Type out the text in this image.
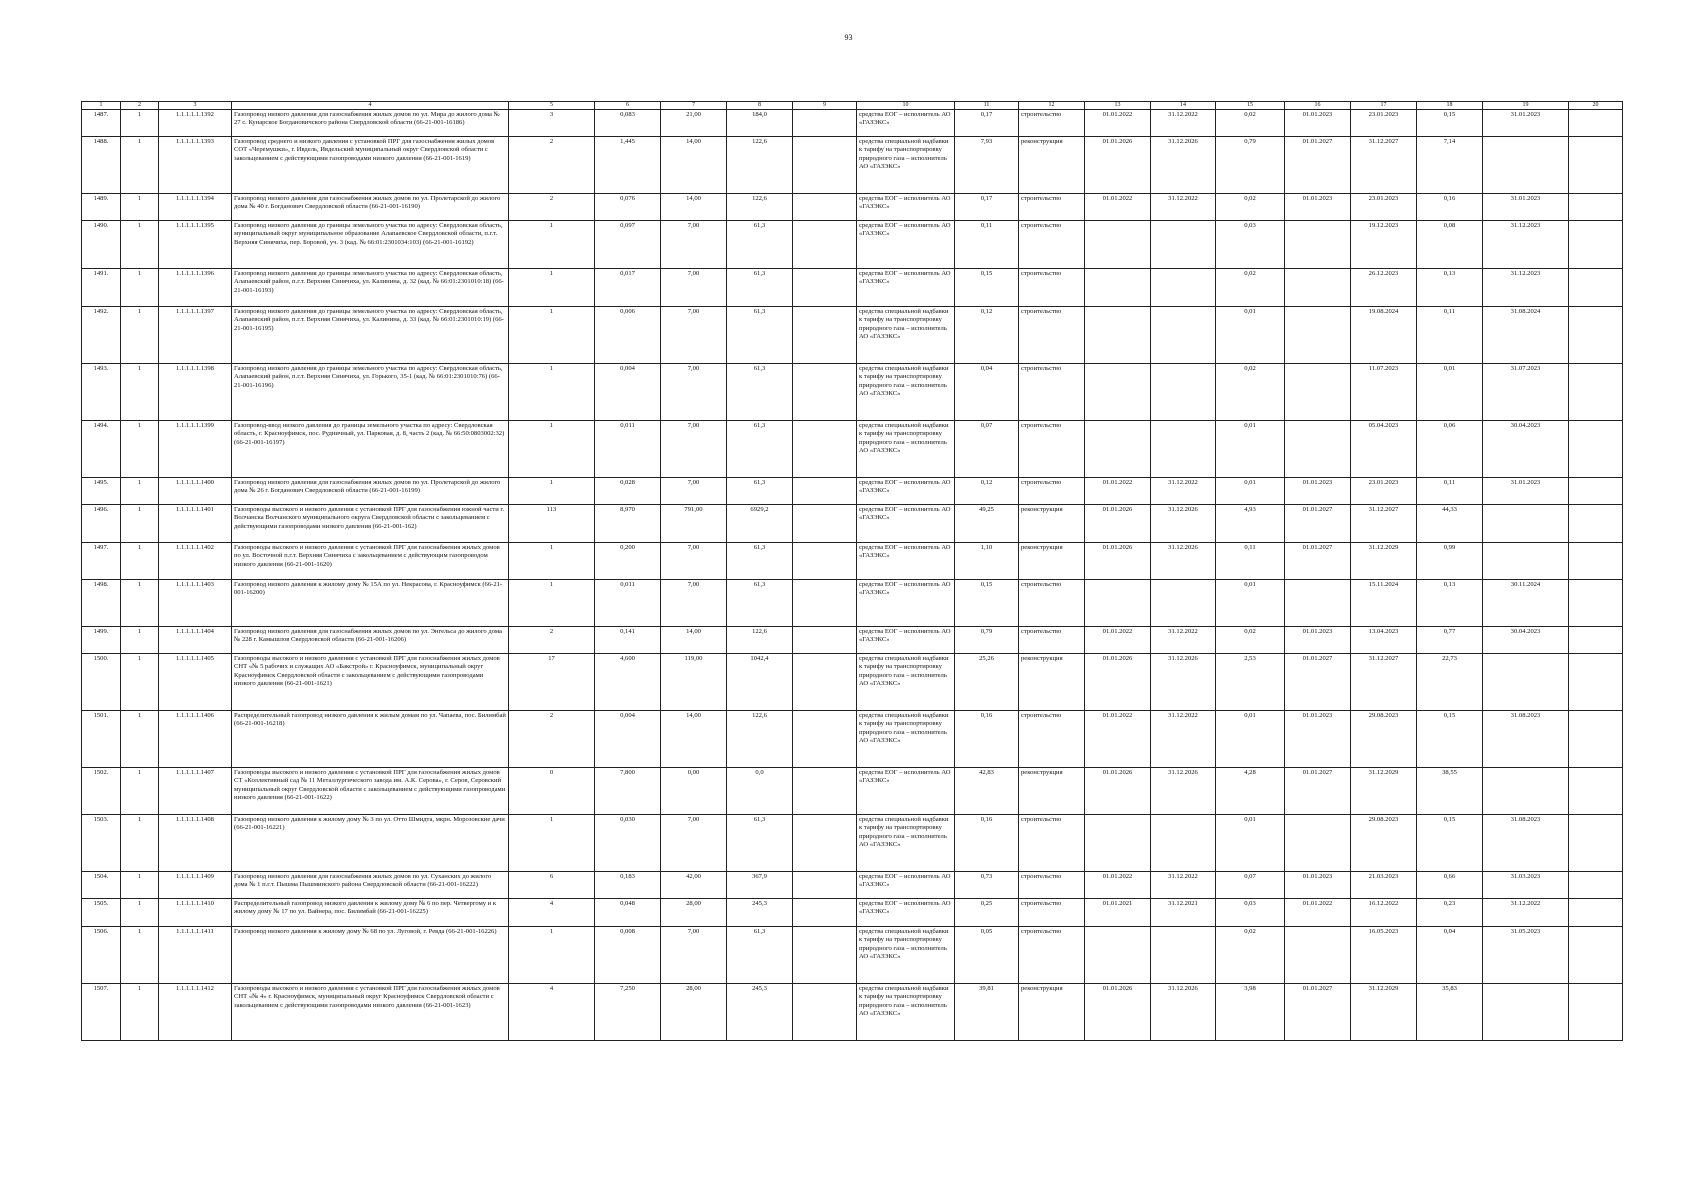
93
1	2	3	4	5	6	7	8	9	10	11	12	13	14	15	16	17	18	19	20
1487.	1	1.1.1.1.1.1392	Газопровод низкого давления для газоснабжения жилых домов по ул. Мира до жилого дома № 27 с. Кунарское Богдановичского района Свердловской области (66-21-001-16186)	3	0,083	21,00	184,0		средства ЕОГ – исполнитель АО «ГАЗЭКС»	0,17	строительство	01.01.2022	31.12.2022	0,02	01.01.2023	23.01.2023	0,15	31.01.2023	
1488.	1	1.1.1.1.1.1393	Газопровод среднего и низкого давления с установкой ПРГ для газоснабжения жилых домов СОТ «Черемушки», г. Ивдель, Ивдельский муниципальный округ Свердловской области с закольцеванием с действующими газопроводами низкого давления (66-21-001-1619)	2	1,445	14,00	122,6		средства специальной надбавки к тарифу на транспортировку природного газа – исполнитель АО «ГАЗЭКС»	7,93	реконструкция	01.01.2026	31.12.2026	0,79	01.01.2027	31.12.2027	7,14		
1489.	1	1.1.1.1.1.1394	Газопровод низкого давления для газоснабжения жилых домов по ул. Пролетарской до жилого дома № 40 г. Богданович Свердловской области (66-21-001-16190)	2	0,076	14,00	122,6		средства ЕОГ – исполнитель АО «ГАЗЭКС»	0,17	строительство	01.01.2022	31.12.2022	0,02	01.01.2023	23.01.2023	0,16	31.01.2023	
1490.	1	1.1.1.1.1.1395	Газопровод низкого давления до границы земельного участка по адресу: Свердловская область, муниципальный округ муниципальное образование Алапаевское Свердловской области, п.г.т. Верхняя Синячиха, пер. Боровой, уч. 3 (кад. № 66:01:2301034:103) (66-21-001-16192)	1	0,097	7,00	61,3		средства ЕОГ – исполнитель АО «ГАЗЭКС»	0,11	строительство			0,03		19.12.2023	0,08	31.12.2023	
1491.	1	1.1.1.1.1.1396	Газопровод низкого давления до границы земельного участка по адресу: Свердловская область, Алапаевский район, п.г.т. Верхняя Синячиха, ул. Калинина, д. 32 (кад. № 66:01:2301010:18) (66-21-001-16193)	1	0,017	7,00	61,3		средства ЕОГ – исполнитель АО «ГАЗЭКС»	0,15	строительство			0,02		26.12.2023	0,13	31.12.2023	
1492.	1	1.1.1.1.1.1397	Газопровод низкого давления до границы земельного участка по адресу: Свердловская область, Алапаевский район, п.г.т. Верхняя Синячиха, ул. Калинина, д. 33 (кад. № 66:01:2301010:19) (66-21-001-16195)	1	0,006	7,00	61,3		средства специальной надбавки к тарифу на транспортировку природного газа – исполнитель АО «ГАЗЭКС»	0,12	строительство			0,01		19.08.2024	0,11	31.08.2024	
1493.	1	1.1.1.1.1.1398	Газопровод низкого давления до границы земельного участка по адресу: Свердловская область, Алапаевский район, п.г.т. Верхняя Синячиха, ул. Горького, 35-1 (кад. № 66:01:2301010:76) (66-21-001-16196)	1	0,004	7,00	61,3		средства специальной надбавки к тарифу на транспортировку природного газа – исполнитель АО «ГАЗЭКС»	0,04	строительство			0,02		11.07.2023	0,01	31.07.2023	
1494.	1	1.1.1.1.1.1399	Газопровод-ввод низкого давления до границы земельного участка по адресу: Свердловская область, г. Красноуфимск, пос. Рудничный, ул. Парковая, д. 8, часть 2 (кад. № 66:50:0803002:32) (66-21-001-16197)	1	0,011	7,00	61,3		средства специальной надбавки к тарифу на транспортировку природного газа – исполнитель АО «ГАЗЭКС»	0,07	строительство			0,01		05.04.2023	0,06	30.04.2023	
1495.	1	1.1.1.1.1.1400	Газопровод низкого давления для газоснабжения жилых домов по ул. Пролетарской до жилого дома № 26 г. Богданович Свердловской области (66-21-001-16199)	1	0,028	7,00	61,3		средства ЕОГ – исполнитель АО «ГАЗЭКС»	0,12	строительство	01.01.2022	31.12.2022	0,01	01.01.2023	23.01.2023	0,11	31.01.2023	
1496.	1	1.1.1.1.1.1401	Газопроводы высокого и низкого давления с установкой ПРГ для газоснабжения южной части г. Волчанска Волчанского муниципального округа Свердловской области с закольцеванием с действующими газопроводами низкого давления (66-21-001-162)	113	8,970	791,00	6929,2		средства ЕОГ – исполнитель АО «ГАЗЭКС»	49,25	реконструкция	01.01.2026	31.12.2026	4,93	01.01.2027	31.12.2027	44,33		
1497.	1	1.1.1.1.1.1402	Газопроводы высокого и низкого давления с установкой ПРГ для газоснабжения жилых домов по ул. Восточной п.г.т. Верхняя Синячиха с закольцеванием с действующим газопроводом низкого давления (66-21-001-1620)	1	0,200	7,00	61,3		средства ЕОГ – исполнитель АО «ГАЗЭКС»	1,10	реконструкция	01.01.2026	31.12.2026	0,11	01.01.2027	31.12.2029	0,99		
1498.	1	1.1.1.1.1.1403	Газопровод низкого давления к жилому дому № 15А по ул. Некрасова, г. Красноуфимск (66-21-001-16200)	1	0,011	7,00	61,3		средства ЕОГ – исполнитель АО «ГАЗЭКС»	0,15	строительство			0,01		15.11.2024	0,13	30.11.2024	
1499.	1	1.1.1.1.1.1404	Газопровод низкого давления для газоснабжения жилых домов по ул. Энгельса до жилого дома № 228 г. Камышлов Свердловской области (66-21-001-16206)	2	0,141	14,00	122,6		средства ЕОГ – исполнитель АО «ГАЗЭКС»	0,79	строительство	01.01.2022	31.12.2022	0,02	01.01.2023	13.04.2023	0,77	30.04.2023	
1500.	1	1.1.1.1.1.1405	Газопроводы высокого и низкого давления с установкой ПРГ для газоснабжения жилых домов СНТ «№ 5 рабочих и служащих АО «Бакстрой» г. Красноуфимск, муниципальный округ Красноуфимск Свердловской области с закольцеванием с действующими газопроводами низкого давления (66-21-001-1621)	17	4,600	119,00	1042,4		средства специальной надбавки к тарифу на транспортировку природного газа – исполнитель АО «ГАЗЭКС»	25,26	реконструкция	01.01.2026	31.12.2026	2,53	01.01.2027	31.12.2027	22,73		
1501.	1	1.1.1.1.1.1406	Распределительный газопровод низкого давления к жилым домам по ул. Чапаева, пос. Билимбай (66-21-001-16218)	2	0,004	14,00	122,6		средства специальной надбавки к тарифу на транспортировку природного газа – исполнитель АО «ГАЗЭКС»	0,16	строительство	01.01.2022	31.12.2022	0,01	01.01.2023	29.08.2023	0,15	31.08.2023	
1502.	1	1.1.1.1.1.1407	Газопроводы высокого и низкого давления с установкой ПРГ для газоснабжения жилых домов СТ «Коллективный сад № 11 Металлургического завода им. А.К. Серова», г. Серов, Серовский муниципальный округ Свердловской области с закольцеванием с действующими газопроводами низкого давления (66-21-001-1622)	0	7,800	0,00	0,0		средства ЕОГ – исполнитель АО «ГАЗЭКС»	42,83	реконструкция	01.01.2026	31.12.2026	4,28	01.01.2027	31.12.2029	38,55		
1503.	1	1.1.1.1.1.1408	Газопровод низкого давления к жилому дому № 3 по ул. Отто Шмидта, мкрн. Морозовские дачи (66-21-001-16221)	1	0,030	7,00	61,3		средства специальной надбавки к тарифу на транспортировку природного газа – исполнитель АО «ГАЗЭКС»	0,16	строительство			0,01		29.08.2023	0,15	31.08.2023	
1504.	1	1.1.1.1.1.1409	Газопровод низкого давления для газоснабжения жилых домов по ул. Суханских до жилого дома № 1 п.г.т. Пышма Пышминского района Свердловской области (66-21-001-16222)	6	0,183	42,00	367,9		средства ЕОГ – исполнитель АО «ГАЗЭКС»	0,73	строительство	01.01.2022	31.12.2022	0,07	01.01.2023	21.03.2023	0,66	31.03.2023	
1505.	1	1.1.1.1.1.1410	Распределительный газопровод низкого давления к жилому дому № 6 по пер. Четвергому и к жилому дому № 17 по ул. Вайнера, пос. Билимбай (66-21-001-16225)	4	0,048	28,00	245,3		средства ЕОГ – исполнитель АО «ГАЗЭКС»	0,25	строительство	01.01.2021	31.12.2021	0,03	01.01.2022	16.12.2022	0,23	31.12.2022	
1506.	1	1.1.1.1.1.1411	Газопровод низкого давления к жилому дому № 68 по ул. Луговой, г. Ревда (66-21-001-16226)	1	0,008	7,00	61,3		средства специальной надбавки к тарифу на транспортировку природного газа – исполнитель АО «ГАЗЭКС»	0,05	строительство			0,02		16.05.2023	0,04	31.05.2023	
1507.	1	1.1.1.1.1.1412	Газопроводы высокого и низкого давления с установкой ПРГ для газоснабжения жилых домов СНТ «№ 4» г. Красноуфимск, муниципальный округ Красноуфимск Свердловской области с закольцеванием с действующими газопроводами низкого давления (66-21-001-1623)	4	7,250	28,00	245,3		средства специальной надбавки к тарифу на транспортировку природного газа – исполнитель АО «ГАЗЭКС»	39,81	реконструкция	01.01.2026	31.12.2026	3,98	01.01.2027	31.12.2029	35,83		
